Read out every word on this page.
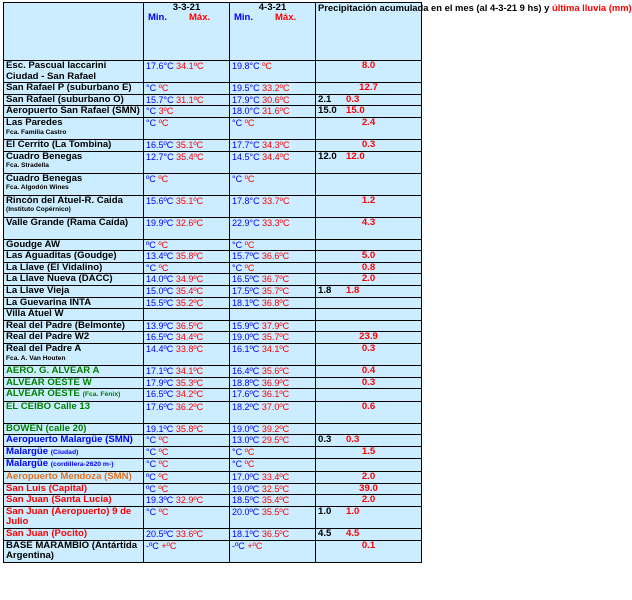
	3-3-21
Min. Máx.	4-3-21
Min. Máx.	Precipitación acumulada en el mes (al 4-3-21 9 hs) y última lluvia (mm)
Esc. Pascual Iaccarini Ciudad - San Rafael	17.6°C 34.1ºC	19.8°C ºC	8.0

San Rafael P (suburbano E)	°C ºC	19.5°C 33.2ºC	12.7

San Rafael (suburbano O)	15.7°C 31.1ºC	17.9°C 30.6ºC	2.1 0.3
Aeropuerto San Rafael (SMN)	°C 3ºC	18.0°C 31.6ºC	15.0 15.0
Las Paredes
Fca. Familia Castro	°C ºC	°C ºC	2.4

El Cerrito (La Tombina)	16.5ºC 35.1ºC	17.7°C 34.3ºC	0.3

Cuadro Benegas
Fca. Stradella	12.7°C 35.4ºC	14.5°C 34.4ºC	12.0 12.0
Cuadro Benegas
Fca. Algodón Wines	ºC ºC	°C ºC	

Rincón del Atuel-R. Caida
(Instituto Copérnico)	15.6ºC 35.1ºC	17.8°C 33.7ºC	1.2

Valle Grande (Rama Caída)	19.9ºC 32.6ºC	22.9°C 33.3ºC	4.3

Goudge AW	ºC ºC	°C ºC	

Las Aguaditas (Goudge)	13.4ºC 35.8ºC	15.7ºC 36.6ºC	5.0

La Llave (El Vidalino)	°C ºC	°C ºC	0.8

La Llave Nueva (DACC)	14.0ºC 34.9ºC	16.5ºC 36.7ºC	2.0

La Llave Vieja	15.0ºC 35.4ºC	17.5ºC 35.7ºC	1.8 1.8
La Guevarina INTA	15.5ºC 35.2ºC	18.1ºC 36.8ºC	

Villa Atuel W			

Real del Padre (Belmonte)	13.9ºC 36.5ºC	15.9ºC 37.9ºC	

Real del Padre W2	16.5ºC 34.4ºC	19.0ºC 35.7ºC	23.9

Real del Padre A
Fca. A. Van Houten	14.4ºC 33.8ºC	16.1ºC 34.1ºC	0.3

AERO. G. ALVEAR A	17.1ºC 34.1ºC	16.4ºC 35.6ºC	0.4

ALVEAR OESTE W	17.9ºC 35.3ºC	18.8ºC 36.9ºC	0.3

ALVEAR OESTE (Fca. Fénix)	16.5ºC 34.2ºC	17.6ºC 36.1ºC	

EL CEIBO Calle 13	17.6ºC 36.2ºC	18.2ºC 37.0ºC	0.6

BOWEN (calle 20)	19.1ºC 35.8ºC	19.0ºC 39.2ºC	

Aeropuerto Malargüe (SMN)	°C ºC	13.0ºC 29.5ºC	0.3 0.3
Malargüe (Ciudad)	°C ºC	°C ºC	1.5

Malargüe (cordillera-2620 m-)	°C ºC	°C ºC	

Aeropuerto Mendoza (SMN)	ºC ºC	17.0ºC 33.4ºC	2.0

San Luis (Capital)	ºC ºC	19.0ºC 32.5ºC	39.0

San Juan (Santa Lucia)	19.3ºC 32.9ºC	18.5ºC 35.4ºC	2.0

San Juan (Aeropuerto) 9 de Julio	°C ºC	20.0ºC 35.5ºC	1.0 1.0
San Juan (Pocito)	20.5ºC 33.6ºC	18.1ºC 36.5ºC	4.5 4.5
BASE MARAMBIO (Antártida Argentina)	-ºC +ºC	-ºC +ºC	0.1
